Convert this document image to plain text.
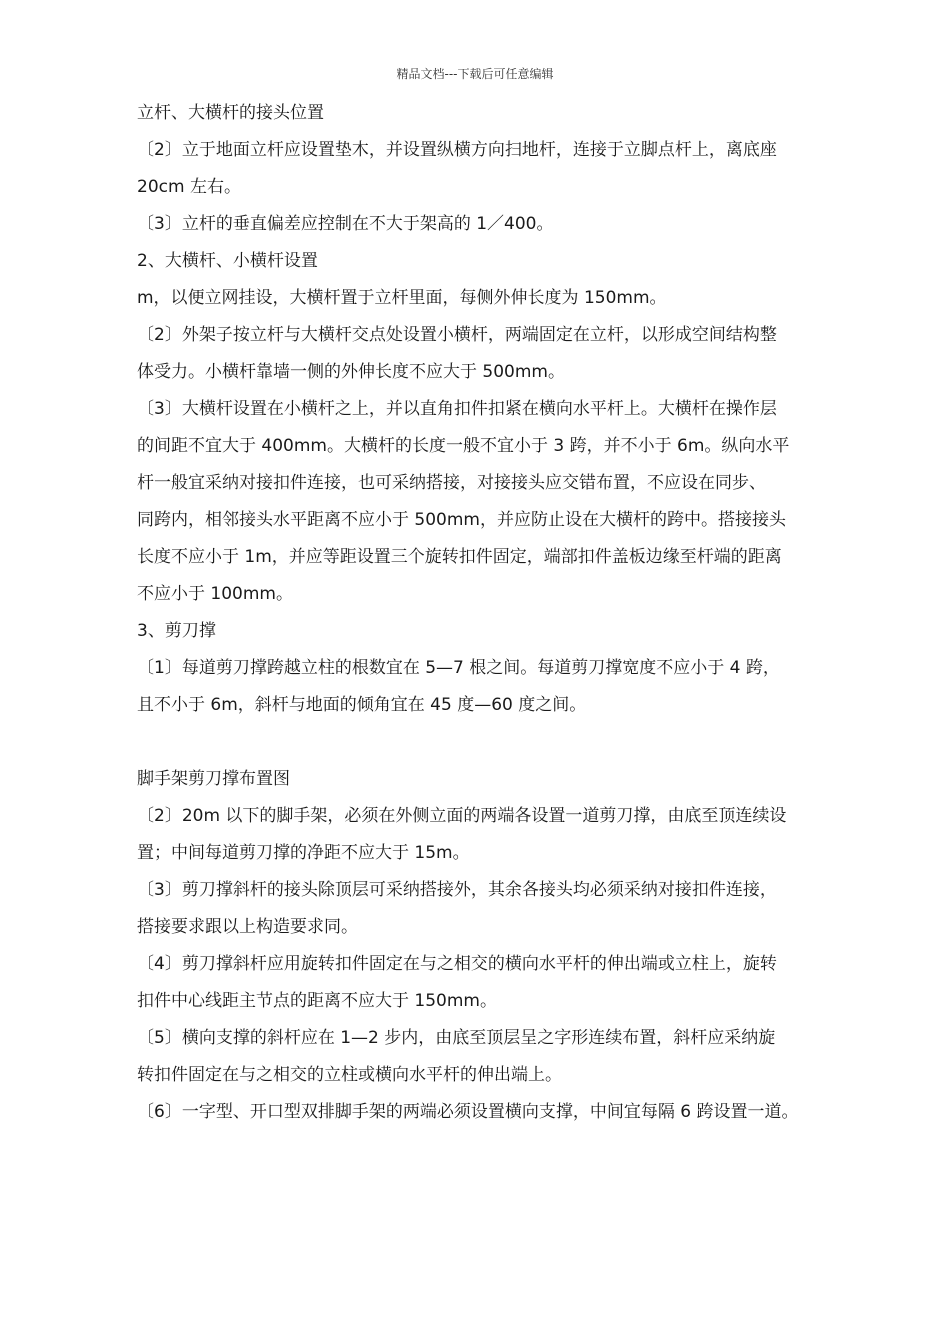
精品文档---下载后可任意编辑
立杆、大横杆的接头位置
〔2〕立于地面立杆应设置垫木，并设置纵横方向扫地杆，连接于立脚点杆上，离底座
20cm 左右。
〔3〕立杆的垂直偏差应控制在不大于架高的 1／400。
2、大横杆、小横杆设置
m，以便立网挂设，大横杆置于立杆里面，每侧外伸长度为 150mm。
〔2〕外架子按立杆与大横杆交点处设置小横杆，两端固定在立杆，以形成空间结构整
体受力。小横杆靠墙一侧的外伸长度不应大于 500mm。
〔3〕大横杆设置在小横杆之上，并以直角扣件扣紧在横向水平杆上。大横杆在操作层
的间距不宜大于 400mm。大横杆的长度一般不宜小于 3 跨，并不小于 6m。纵向水平
杆一般宜采纳对接扣件连接，也可采纳搭接，对接接头应交错布置，不应设在同步、
同跨内，相邻接头水平距离不应小于 500mm，并应防止设在大横杆的跨中。搭接接头
长度不应小于 1m，并应等距设置三个旋转扣件固定，端部扣件盖板边缘至杆端的距离
不应小于 100mm。
3、剪刀撑
〔1〕每道剪刀撑跨越立柱的根数宜在 5—7 根之间。每道剪刀撑宽度不应小于 4 跨，
且不小于 6m，斜杆与地面的倾角宜在 45 度—60 度之间。
脚手架剪刀撑布置图
〔2〕20m 以下的脚手架，必须在外侧立面的两端各设置一道剪刀撑，由底至顶连续设
置；中间每道剪刀撑的净距不应大于 15m。
〔3〕剪刀撑斜杆的接头除顶层可采纳搭接外，其余各接头均必须采纳对接扣件连接，
搭接要求跟以上构造要求同。
〔4〕剪刀撑斜杆应用旋转扣件固定在与之相交的横向水平杆的伸出端或立柱上，旋转
扣件中心线距主节点的距离不应大于 150mm。
〔5〕横向支撑的斜杆应在 1—2 步内，由底至顶层呈之字形连续布置，斜杆应采纳旋
转扣件固定在与之相交的立柱或横向水平杆的伸出端上。
〔6〕一字型、开口型双排脚手架的两端必须设置横向支撑，中间宜每隔 6 跨设置一道。
